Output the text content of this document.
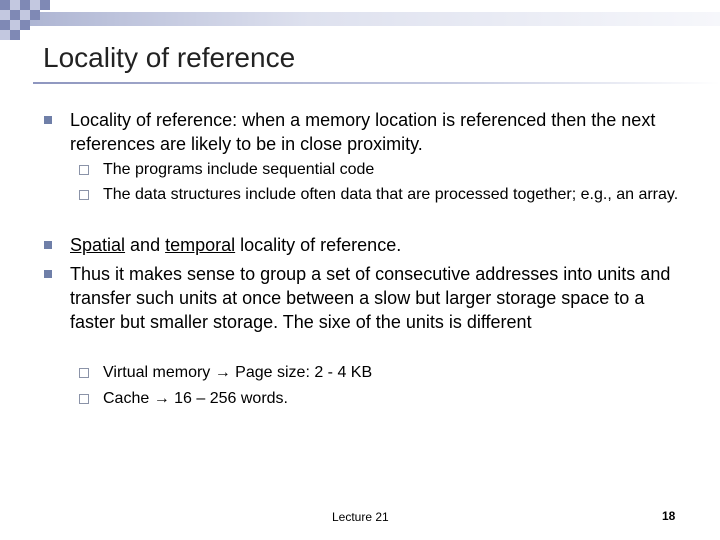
Locality of reference
Locality of reference: when a memory location is referenced then the next references are likely to be in close proximity.
The programs include sequential code
The data structures include often data that are processed together; e.g., an array.
Spatial and temporal locality of reference.
Thus it makes sense to group a set of consecutive addresses into units and transfer such units at once between a slow but larger storage space to a faster but smaller storage. The sixe of the units is different
Virtual memory → Page size: 2 - 4 KB
Cache → 16 – 256 words.
Lecture 21	18
